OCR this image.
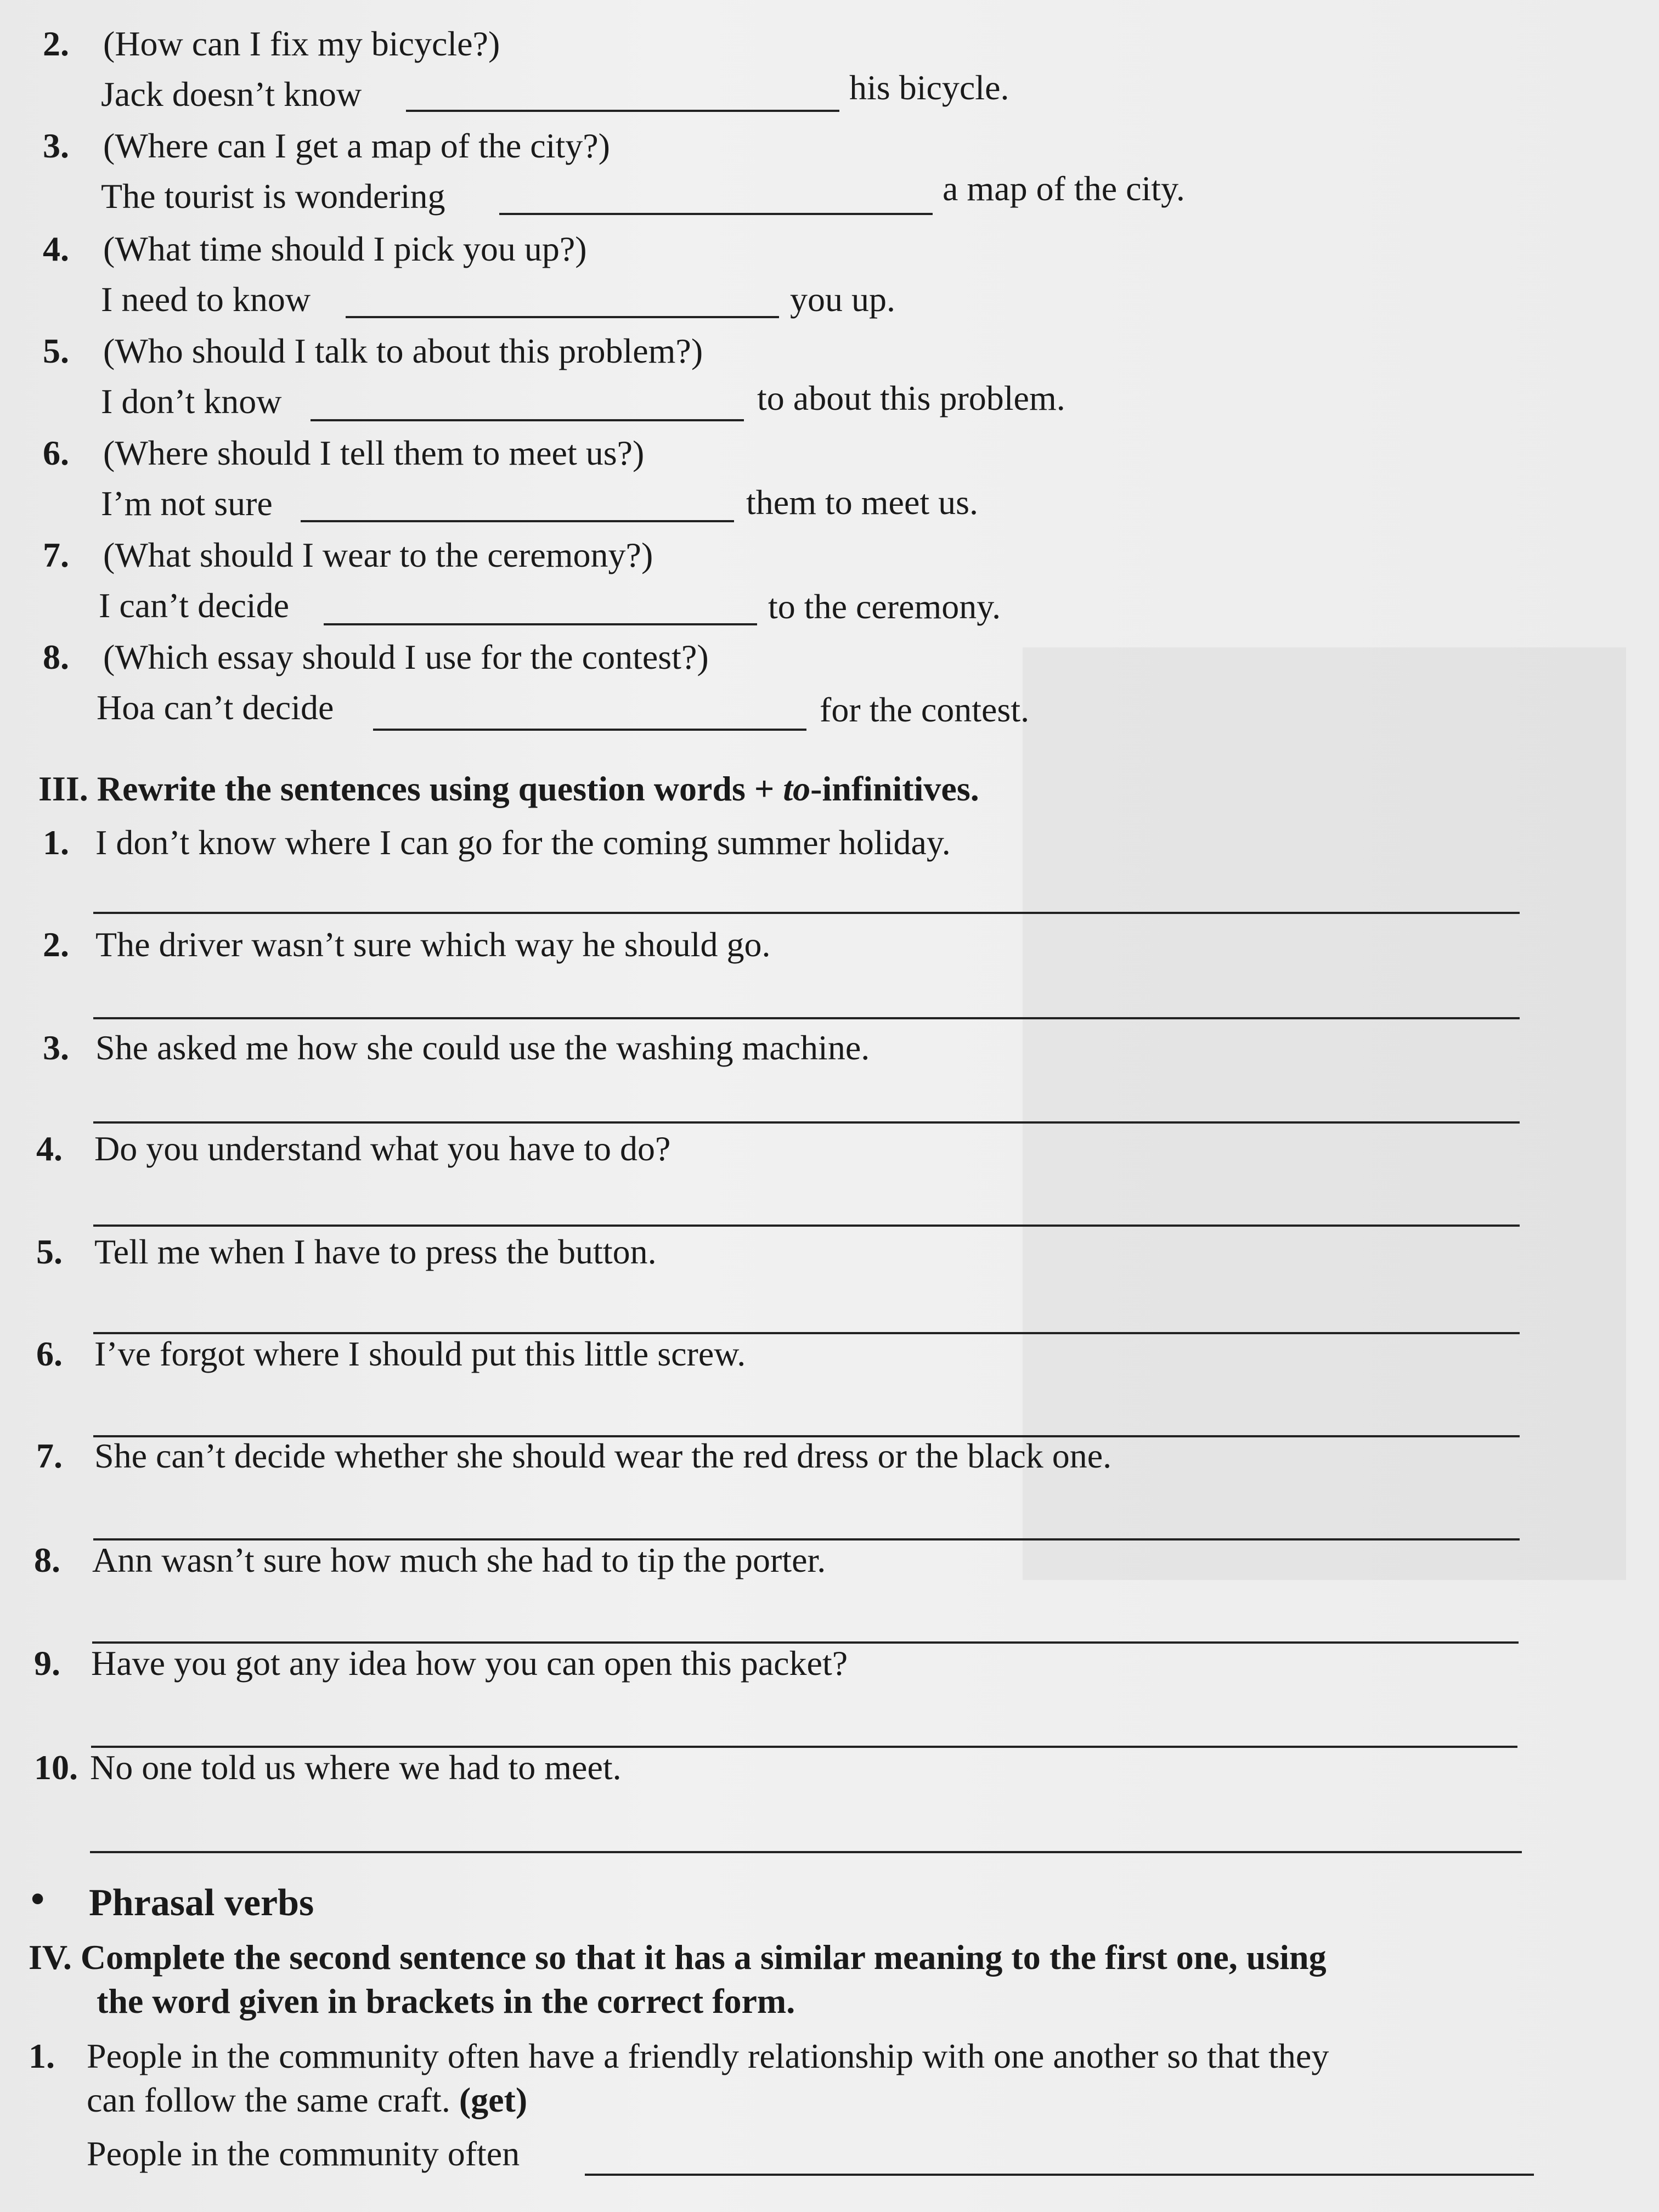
2. (How can I fix my bicycle?)
Jack doesn’t know	his bicycle.
3. (Where can I get a map of the city?)
The tourist is wondering	a map of the city.
4. (What time should I pick you up?)
I need to know	you up.
5. (Who should I talk to about this problem?)
I don’t know	to about this problem.
6. (Where should I tell them to meet us?)
I’m not sure	them to meet us.
7. (What should I wear to the ceremony?)
I can’t decide	to the ceremony.
8. (Which essay should I use for the contest?)
Hoa can’t decide	for the contest.
III. Rewrite the sentences using question words + to-infinitives.
1. I don’t know where I can go for the coming summer holiday.
2. The driver wasn’t sure which way he should go.
3. She asked me how she could use the washing machine.
4. Do you understand what you have to do?
5. Tell me when I have to press the button.
6. I’ve forgot where I should put this little screw.
7. She can’t decide whether she should wear the red dress or the black one.
8. Ann wasn’t sure how much she had to tip the porter.
9. Have you got any idea how you can open this packet?
10. No one told us where we had to meet.
• Phrasal verbs
IV. Complete the second sentence so that it has a similar meaning to the first one, using
the word given in brackets in the correct form.
1. People in the community often have a friendly relationship with one another so that they
can follow the same craft. (get)
People in the community often
